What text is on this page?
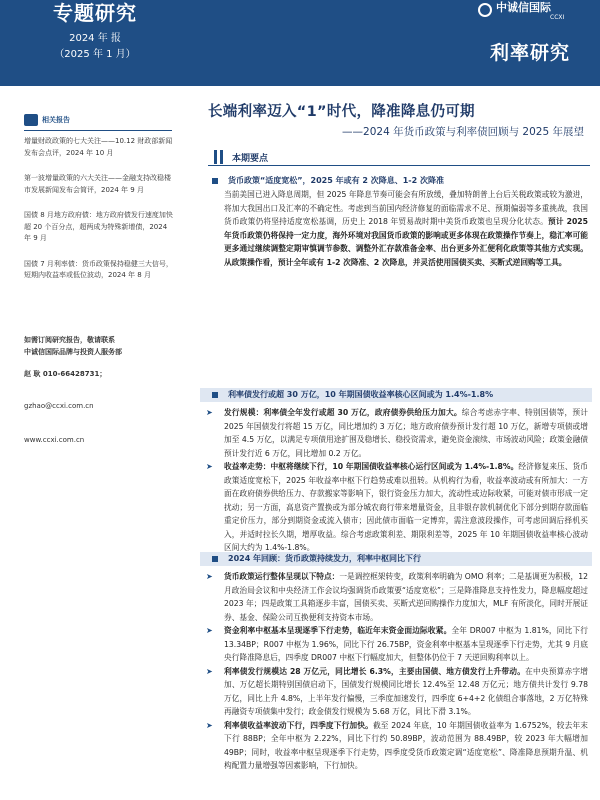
专题研究
2024 年 报
（2025 年 1 月）
中诚信国际
CCXI
利率研究
相关报告
增量财政政策的七大关注——10.12 财政部新闻发布会点评，2024 年 10 月
第一波增量政策的六大关注——金融支持改稳楼市发展新闻发布会简评，2024 年 9 月
国债 8 月地方政府债：地方政府债发行速度加快超 20 个百分点，超两成为特殊新增债，2024 年 9 月
国债 7 月利率债：货币政策保持稳健三大信号，短期内收益率或低位波动，2024 年 8 月
如需订阅研究报告，敬请联系
中诚信国际品牌与投资人服务部
赵 耿 010-66428731；
gzhao@ccxi.com.cn
www.ccxi.com.cn
长端利率迈入“1”时代，降准降息仍可期
——2024 年货币政策与利率债回顾与 2025 年展望
本期要点
货币政策“适度宽松”，2025 年或有 2 次降息、1-2 次降准
当前美国已进入降息周期，但 2025 年降息节奏可能会有所放缓，叠加特朗普上台后关税政策或较为激进，将加大我国出口及汇率的不确定性。考虑到当前国内经济修复的面临需求不足、预期偏弱等多重挑战，我国货币政策仍将坚持适度宽松基调，历史上 2018 年贸易战时期中美货币政策也呈现分化状态。预计 2025 年货币政策仍将保持一定力度，海外环境对我国货币政策的影响或更多体现在政策操作节奏上，稳汇率可能更多通过继续调整定期审慎调节参数、调整外汇存款准备金率、出台更多外汇便利化政策等其他方式实现。从政策操作看，预计全年或有 1-2 次降准、2 次降息，并灵活使用国债买卖、买断式逆回购等工具。
利率债发行或超 30 万亿，10 年期国债收益率核心区间或为 1.4%-1.8%
➤ 发行规模：利率债全年发行或超 30 万亿，政府债券供给压力加大。综合考虑赤字率、特别国债等，预计 2025 年国债发行将超 15 万亿，同比增加约 3 万亿；地方政府债券预计发行超 10 万亿，新增专项债或增加至 4.5 万亿，以满足专项债用途扩围及稳增长、稳投资需求，避免资金滚续、市场波动风险；政策金融债预计发行近 6 万亿，同比增加 0.2 万亿。
➤ 收益率走势：中枢将继续下行，10 年期国债收益率核心运行区间或为 1.4%-1.8%。经济修复来压、货币政策适度宽松下，2025 年收益率中枢下行趋势或难以扭转。从机构行为看，收益率波动或有所加大：一方面在政府债券供给压力、存款搬家等影响下，银行资金压力加大，流动性或边际收紧，可能对债市形成一定扰动；另一方面，高息资产置换或为部分城农商行带来增量资金，且非银存款机制优化下部分到期存款面临重定价压力，部分到期资金或流入债市；因此债市面临一定博弈，需注意波段操作，可考虑回调后择机买入，并适时拉长久期，增厚收益。综合考虑政策利差、期限利差等，2025 年 10 年期国债收益率核心波动区间大约为 1.4%-1.8%。
2024 年回顾：货币政策持续发力，利率中枢同比下行
➤ 货币政策运行整体呈现以下特点：一是调控框架转变，政策利率明确为 OMO 利率；二是基调更为积极，12 月政治局会议和中央经济工作会议均强调货币政策要“适度宽松”；三是降准降息支持性发力，降息幅度超过 2023 年；四是政策工具箱逐步丰富，国债买卖、买断式逆回购操作力度加大，MLF 有所淡化，同时开展证券、基金、保险公司互换便利支持资本市场。
➤ 资金利率中枢基本呈现逐季下行走势，临近年末资金面边际收紧。全年 DR007 中枢为 1.81%，同比下行 13.34BP；R007 中枢为 1.96%，同比下行 26.75BP，资金利率中枢基本呈现逐季下行走势，尤其 9 月底央行降准降息后，四季度 DR007 中枢下行幅度加大，但整体仍位于 7 天逆回购利率以上。
➤ 利率债发行规模达 28 万亿元，同比增长 6.3%，主要由国债、地方债发行上升带动。在中央预算赤字增加、万亿超长期特别国债启动下，国债发行规模同比增长 12.4%至 12.48 万亿元；地方债共计发行 9.78 万亿，同比上升 4.8%，上半年发行偏慢，三季度加速发行，四季度 6+4+2 化债组合事落地，2 万亿特殊再融资专项债集中发行；政金债发行规模为 5.68 万亿，同比下滑 3.1%。
➤ 利率债收益率波动下行，四季度下行加快。截至 2024 年底，10 年期国债收益率为 1.6752%，较去年末下行 88BP；全年中枢为 2.22%，同比下行约 50.89BP，波动范围为 88.49BP，较 2023 年大幅增加 49BP；同时，收益率中枢呈现逐季下行走势，四季度受货币政策定调“适度宽松”、降准降息预期升温、机构配置力量增强等因素影响，下行加快。
